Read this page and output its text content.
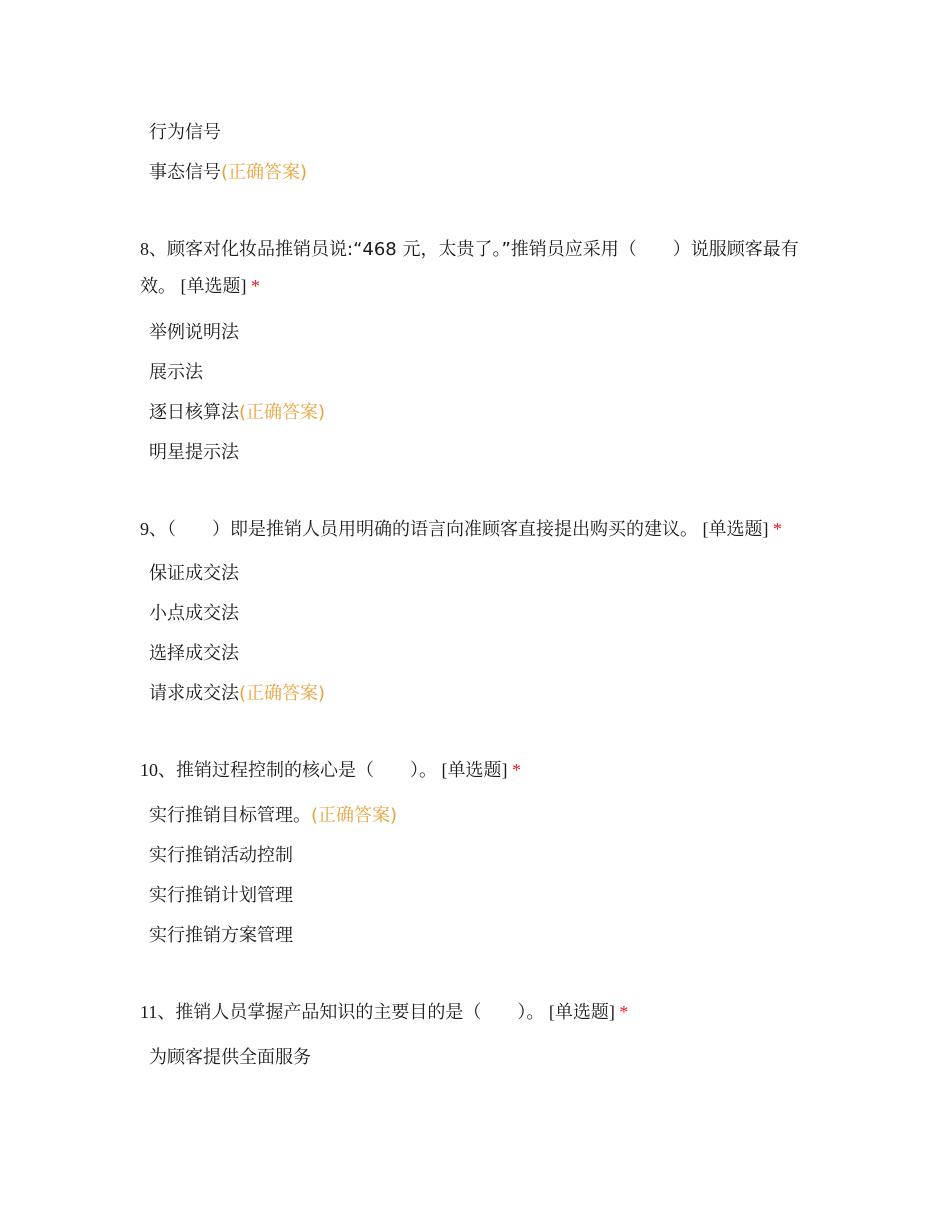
行为信号
事态信号(正确答案)
8、顾客对化妆品推销员说:“468 元，太贵了。”推销员应采用（　　）说服顾客最有效。 [单选题] *
举例说明法
展示法
逐日核算法(正确答案)
明星提示法
9、（　　）即是推销人员用明确的语言向准顾客直接提出购买的建议。 [单选题] *
保证成交法
小点成交法
选择成交法
请求成交法(正确答案)
10、推销过程控制的核心是（　　）。 [单选题] *
实行推销目标管理。(正确答案)
实行推销活动控制
实行推销计划管理
实行推销方案管理
11、推销人员掌握产品知识的主要目的是（　　）。 [单选题] *
为顾客提供全面服务
